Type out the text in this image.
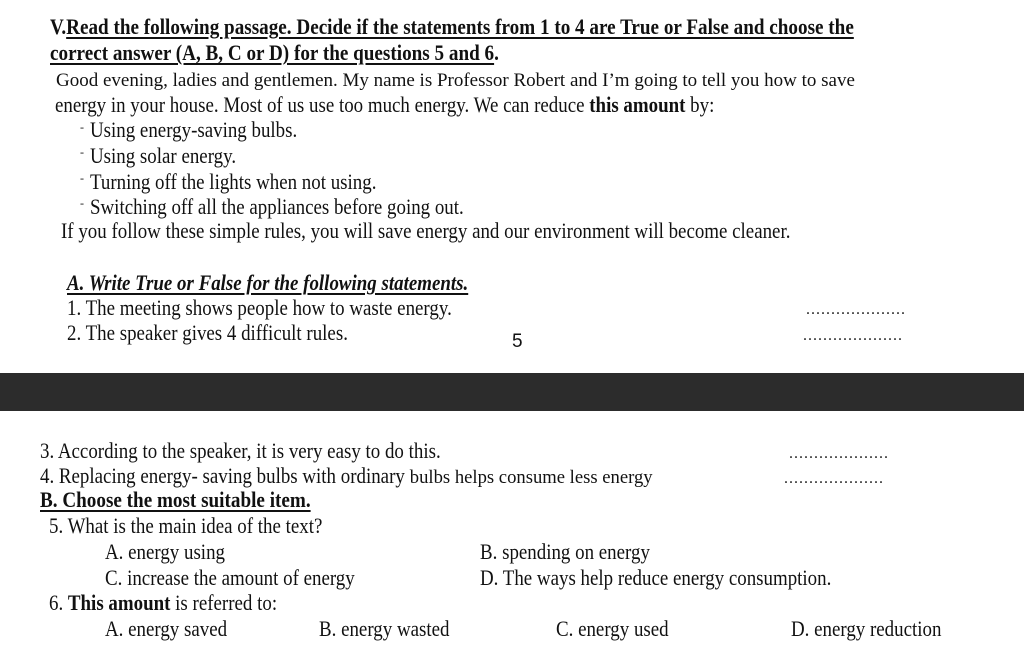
V.Read the following passage. Decide if the statements from 1 to 4 are True or False and choose the
correct answer (A, B, C or D) for the questions 5 and 6.
Good evening, ladies and gentlemen. My name is Professor Robert and I’m going to tell you how to save
energy in your house. Most of us use too much energy. We can reduce this amount by:
- Using energy-saving bulbs.
- Using solar energy.
- Turning off the lights when not using.
- Switching off all the appliances before going out.
If you follow these simple rules, you will save energy and our environment will become cleaner.
A. Write True or False for the following statements.
1. The meeting shows people how to waste energy.	....................
2. The speaker gives 4 difficult rules.	5	....................
3. According to the speaker, it is very easy to do this.	....................
4. Replacing energy- saving bulbs with ordinary bulbs helps consume less energy	....................
B. Choose the most suitable item.
5. What is the main idea of the text?
A. energy using	B. spending on energy
C. increase the amount of energy	D. The ways help reduce energy consumption.
6. This amount is referred to:
A. energy saved	B. energy wasted	C. energy used	D. energy reduction
